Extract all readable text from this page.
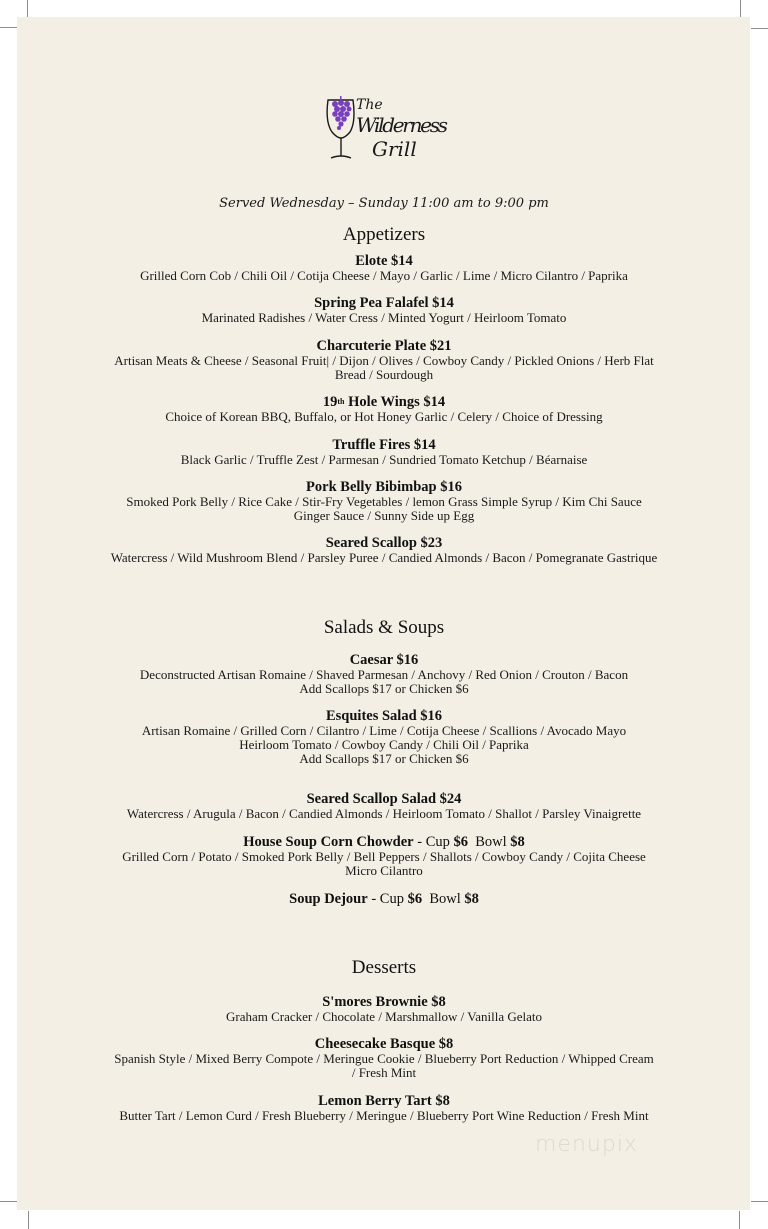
The
Wilderness
Grill
Served Wednesday – Sunday 11:00 am to 9:00 pm
Appetizers
Elote $14
Grilled Corn Cob / Chili Oil / Cotija Cheese / Mayo / Garlic / Lime / Micro Cilantro / Paprika
Spring Pea Falafel $14
Marinated Radishes / Water Cress / Minted Yogurt / Heirloom Tomato
Charcuterie Plate $21
Artisan Meats & Cheese / Seasonal Fruit| / Dijon / Olives / Cowboy Candy / Pickled Onions / Herb Flat
Bread / Sourdough
19th Hole Wings $14
Choice of Korean BBQ, Buffalo, or Hot Honey Garlic / Celery / Choice of Dressing
Truffle Fires $14
Black Garlic / Truffle Zest / Parmesan / Sundried Tomato Ketchup / Béarnaise
Pork Belly Bibimbap $16
Smoked Pork Belly / Rice Cake / Stir-Fry Vegetables / lemon Grass Simple Syrup / Kim Chi Sauce
Ginger Sauce / Sunny Side up Egg
Seared Scallop $23
Watercress / Wild Mushroom Blend / Parsley Puree / Candied Almonds / Bacon / Pomegranate Gastrique
Salads & Soups
Caesar $16
Deconstructed Artisan Romaine / Shaved Parmesan / Anchovy / Red Onion / Crouton / Bacon
Add Scallops $17 or Chicken $6
Esquites Salad $16
Artisan Romaine / Grilled Corn / Cilantro / Lime / Cotija Cheese / Scallions / Avocado Mayo
Heirloom Tomato / Cowboy Candy / Chili Oil / Paprika
Add Scallops $17 or Chicken $6
Seared Scallop Salad $24
Watercress / Arugula / Bacon / Candied Almonds / Heirloom Tomato / Shallot / Parsley Vinaigrette
House Soup Corn Chowder - Cup $6  Bowl $8
Grilled Corn / Potato / Smoked Pork Belly / Bell Peppers / Shallots / Cowboy Candy / Cojita Cheese
Micro Cilantro
Soup Dejour - Cup $6  Bowl $8
Desserts
S'mores Brownie $8
Graham Cracker / Chocolate / Marshmallow / Vanilla Gelato
Cheesecake Basque $8
Spanish Style / Mixed Berry Compote / Meringue Cookie / Blueberry Port Reduction / Whipped Cream
/ Fresh Mint
Lemon Berry Tart $8
Butter Tart / Lemon Curd / Fresh Blueberry / Meringue / Blueberry Port Wine Reduction / Fresh Mint
menupix
